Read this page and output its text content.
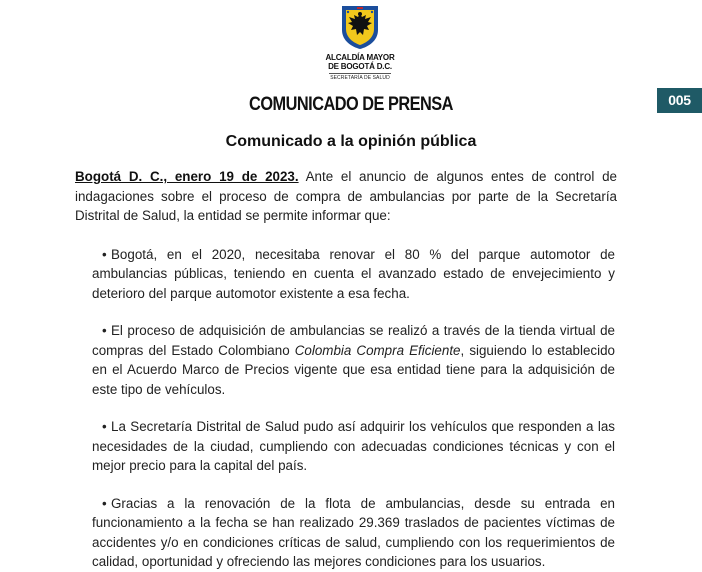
ALCALDÍA MAYOR
DE BOGOTÁ D.C.
SECRETARÍA DE SALUD
COMUNICADO DE PRENSA	005
Comunicado a la opinión pública

Bogotá D. C., enero 19 de 2023. Ante el anuncio de algunos entes de control de indagaciones sobre el proceso de compra de ambulancias por parte de la Secretaría Distrital de Salud, la entidad se permite informar que:

• Bogotá, en el 2020, necesitaba renovar el 80 % del parque automotor de ambulancias públicas, teniendo en cuenta el avanzado estado de envejecimiento y deterioro del parque automotor existente a esa fecha.
• El proceso de adquisición de ambulancias se realizó a través de la tienda virtual de compras del Estado Colombiano Colombia Compra Eficiente, siguiendo lo establecido en el Acuerdo Marco de Precios vigente que esa entidad tiene para la adquisición de este tipo de vehículos.
• La Secretaría Distrital de Salud pudo así adquirir los vehículos que responden a las necesidades de la ciudad, cumpliendo con adecuadas condiciones técnicas y con el mejor precio para la capital del país.
• Gracias a la renovación de la flota de ambulancias, desde su entrada en funcionamiento a la fecha se han realizado 29.369 traslados de pacientes víctimas de accidentes y/o en condiciones críticas de salud, cumpliendo con los requerimientos de calidad, oportunidad y ofreciendo las mejores condiciones para los usuarios.
